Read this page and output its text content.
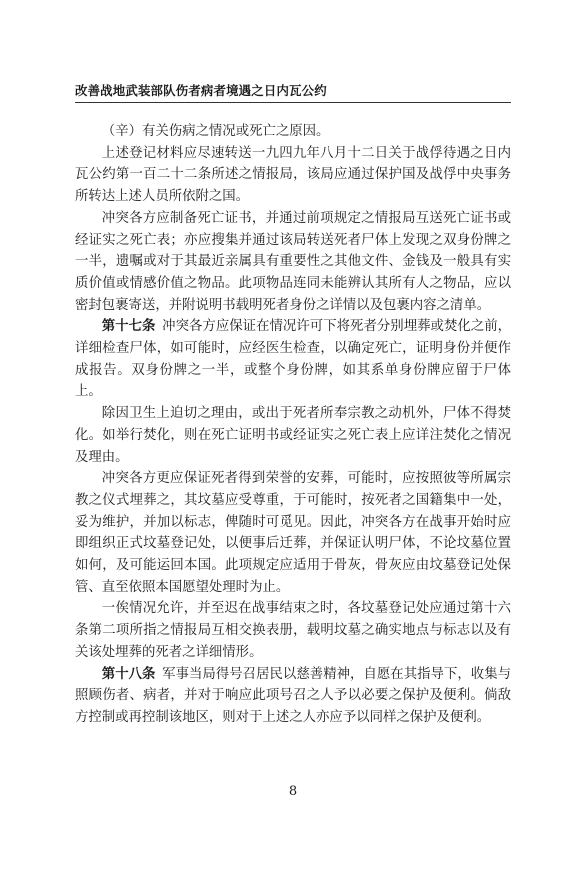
改善战地武装部队伤者病者境遇之日内瓦公约

（辛）有关伤病之情况或死亡之原因。

上述登记材料应尽速转送一九四九年八月十二日关于战俘待遇之日内瓦公约第一百二十二条所述之情报局，该局应通过保护国及战俘中央事务所转达上述人员所依附之国。

冲突各方应制备死亡证书，并通过前项规定之情报局互送死亡证书或经证实之死亡表；亦应搜集并通过该局转送死者尸体上发现之双身份牌之一半，遗嘱或对于其最近亲属具有重要性之其他文件、金钱及一般具有实质价值或情感价值之物品。此项物品连同未能辨认其所有人之物品，应以密封包裹寄送，并附说明书载明死者身份之详情以及包裹内容之清单。

第十七条 冲突各方应保证在情况许可下将死者分别埋葬或焚化之前，详细检查尸体，如可能时，应经医生检查，以确定死亡，证明身份并便作成报告。双身份牌之一半，或整个身份牌，如其系单身份牌应留于尸体上。

除因卫生上迫切之理由，或出于死者所奉宗教之动机外，尸体不得焚化。如举行焚化，则在死亡证明书或经证实之死亡表上应详注焚化之情况及理由。

冲突各方更应保证死者得到荣誉的安葬，可能时，应按照彼等所属宗教之仪式埋葬之，其坟墓应受尊重，于可能时，按死者之国籍集中一处，妥为维护，并加以标志，俾随时可觅见。因此，冲突各方在战事开始时应即组织正式坟墓登记处，以便事后迁葬，并保证认明尸体，不论坟墓位置如何，及可能运回本国。此项规定应适用于骨灰，骨灰应由坟墓登记处保管、直至依照本国愿望处理时为止。

一俟情况允许，并至迟在战事结束之时，各坟墓登记处应通过第十六条第二项所指之情报局互相交换表册，载明坟墓之确实地点与标志以及有关该处埋葬的死者之详细情形。

第十八条 军事当局得号召居民以慈善精神，自愿在其指导下，收集与照顾伤者、病者，并对于响应此项号召之人予以必要之保护及便利。倘敌方控制或再控制该地区，则对于上述之人亦应予以同样之保护及便利。

8
